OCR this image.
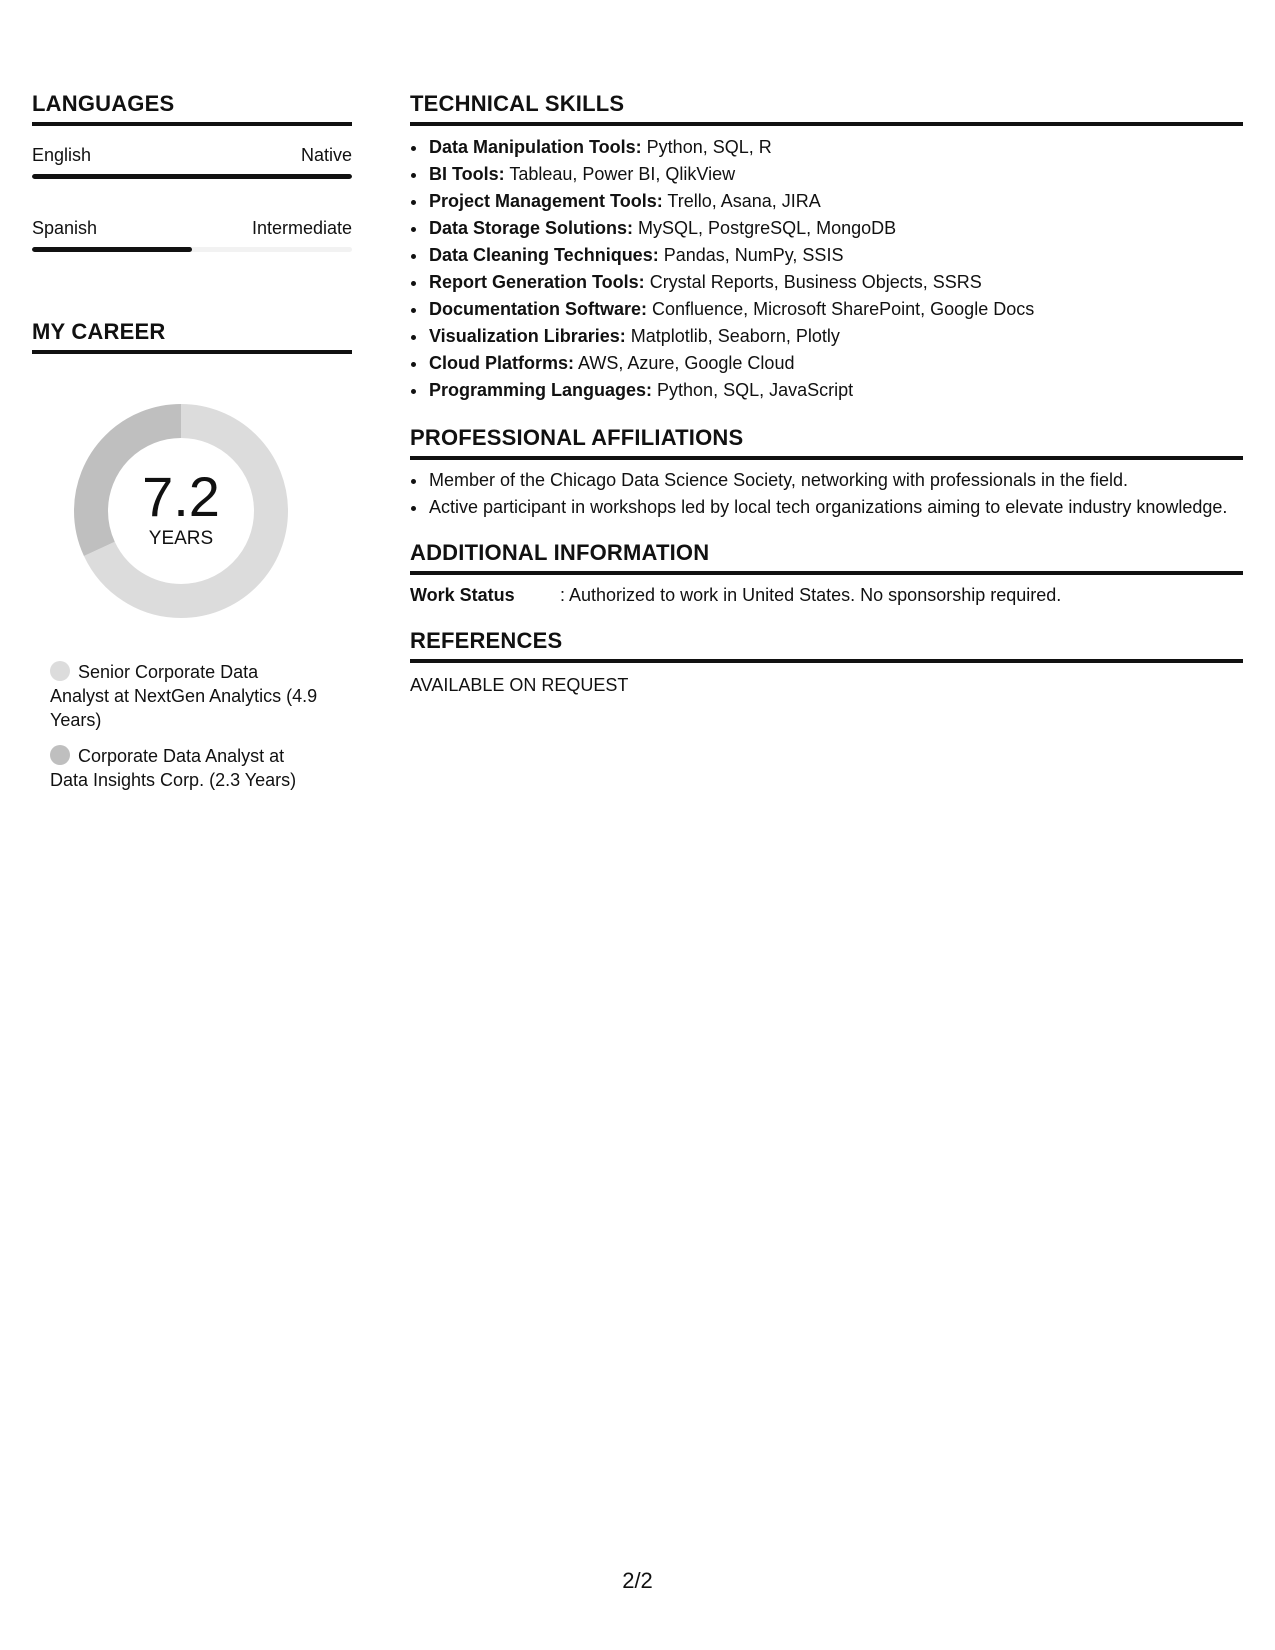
LANGUAGES
English	Native
Spanish	Intermediate
MY CAREER
7.2
YEARS
Senior Corporate Data Analyst at NextGen Analytics (4.9 Years)
Corporate Data Analyst at Data Insights Corp. (2.3 Years)
TECHNICAL SKILLS
• Data Manipulation Tools: Python, SQL, R
• BI Tools: Tableau, Power BI, QlikView
• Project Management Tools: Trello, Asana, JIRA
• Data Storage Solutions: MySQL, PostgreSQL, MongoDB
• Data Cleaning Techniques: Pandas, NumPy, SSIS
• Report Generation Tools: Crystal Reports, Business Objects, SSRS
• Documentation Software: Confluence, Microsoft SharePoint, Google Docs
• Visualization Libraries: Matplotlib, Seaborn, Plotly
• Cloud Platforms: AWS, Azure, Google Cloud
• Programming Languages: Python, SQL, JavaScript
PROFESSIONAL AFFILIATIONS
• Member of the Chicago Data Science Society, networking with professionals in the field.
• Active participant in workshops led by local tech organizations aiming to elevate industry knowledge.
ADDITIONAL INFORMATION
Work Status	: Authorized to work in United States. No sponsorship required.
REFERENCES
AVAILABLE ON REQUEST
2/2
